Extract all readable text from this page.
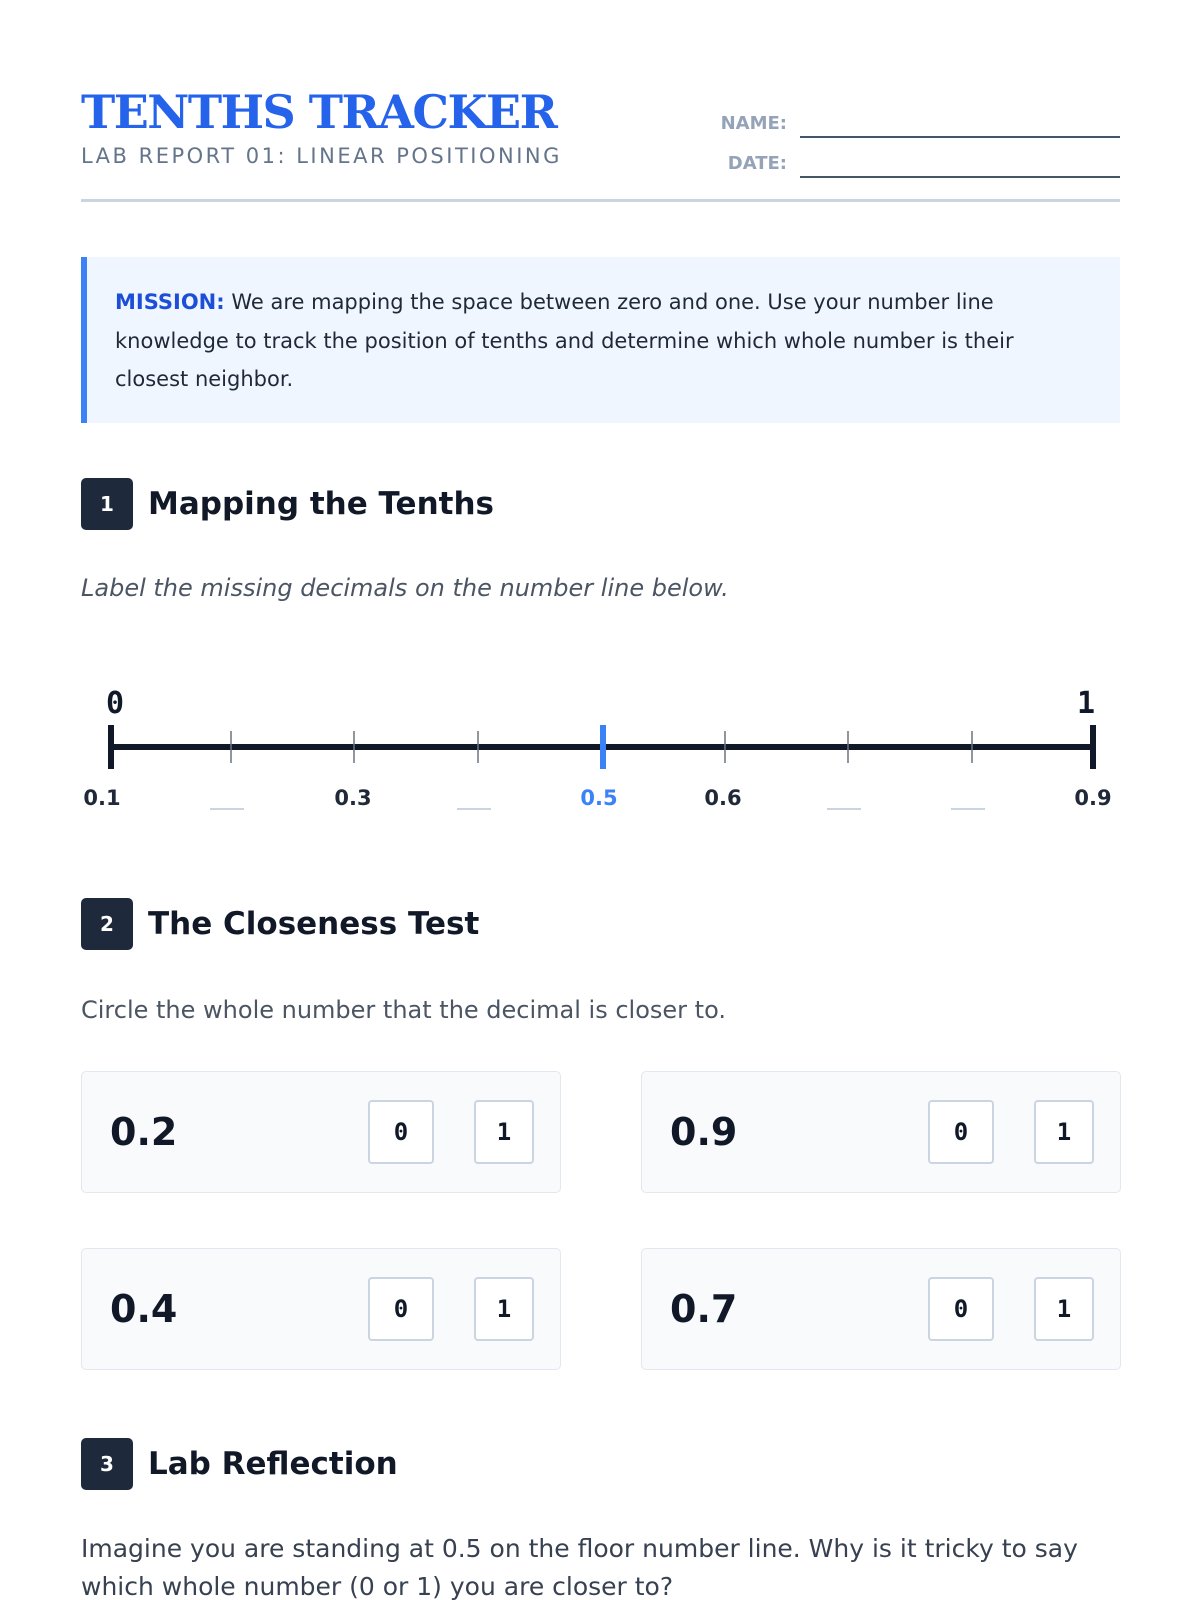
TENTHS TRACKER
LAB REPORT 01: LINEAR POSITIONING
NAME:
DATE:
MISSION: We are mapping the space between zero and one. Use your number line knowledge to track the position of tenths and determine which whole number is their closest neighbor.
1	Mapping the Tenths
Label the missing decimals on the number line below.
0	1
0.1	0.3	0.5	0.6	0.9
2	The Closeness Test
Circle the whole number that the decimal is closer to.
0.2	0	1	0.9	0	1
0.4	0	1	0.7	0	1
3	Lab Reflection
Imagine you are standing at 0.5 on the floor number line. Why is it tricky to say which whole number (0 or 1) you are closer to?
